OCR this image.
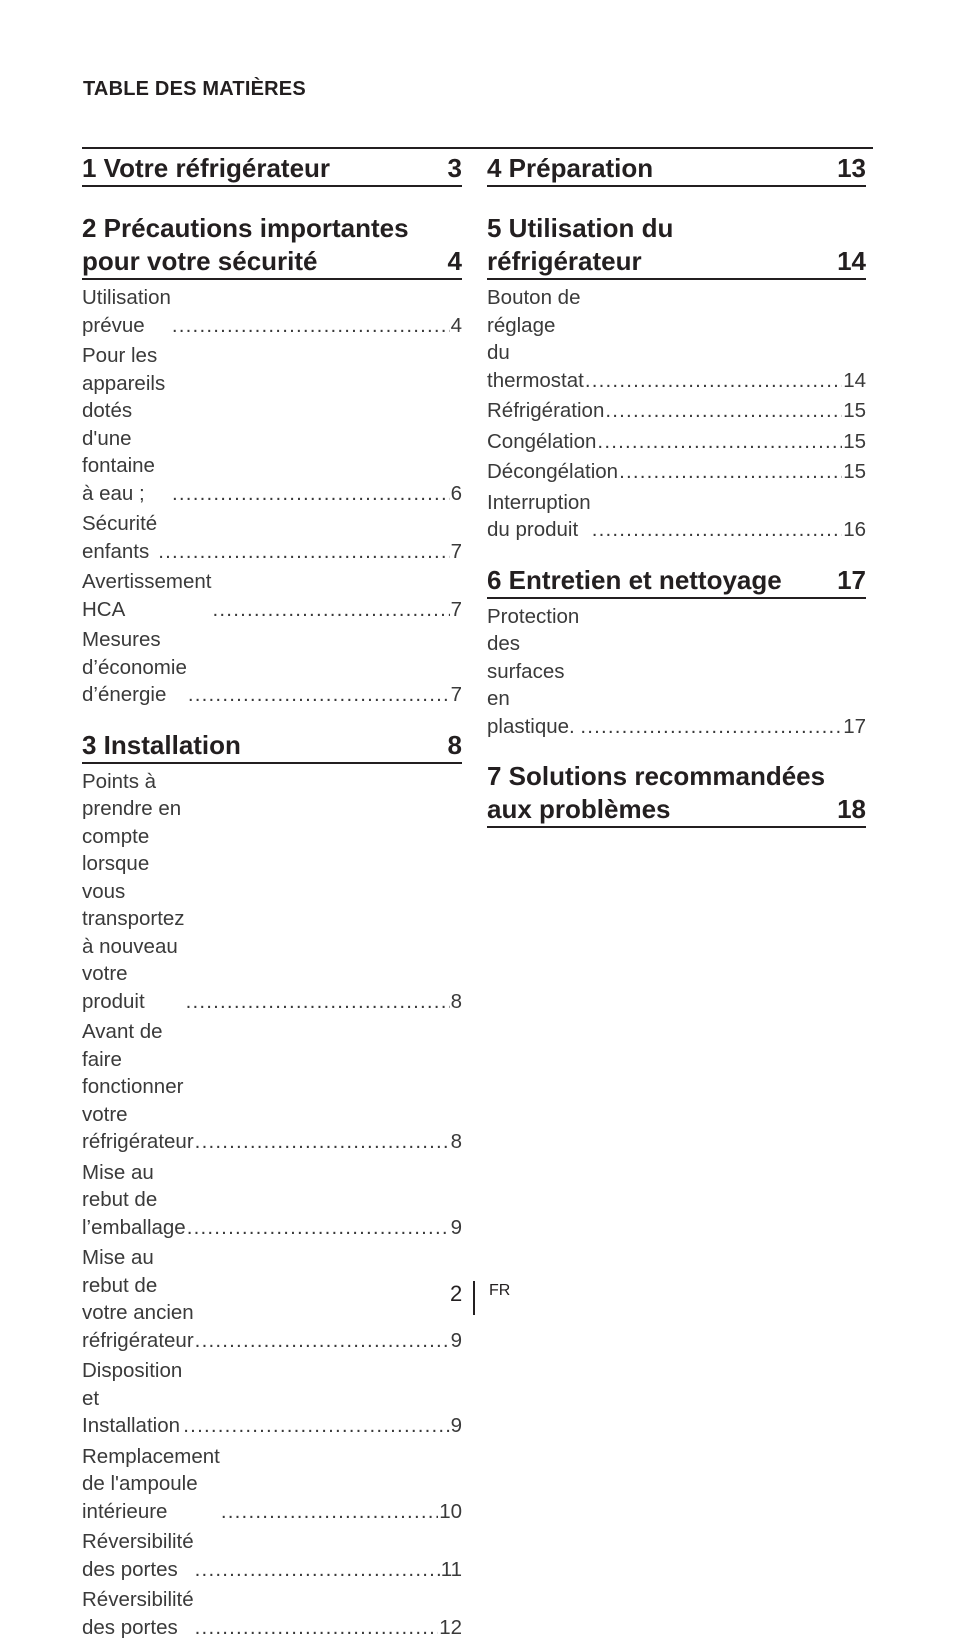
TABLE DES MATIÈRES
1 Votre réfrigérateur	3
2 Précautions importantes
pour votre sécurité	4
Utilisation prévue .....	4
Pour les appareils dotés d'une fontaine
à eau ; .....	6
Sécurité enfants .....	7
Avertissement HCA .....	7
Mesures d’économie d’énergie .....	7
3 Installation	8
Points à prendre en compte lorsque
vous transportez à nouveau votre
produit .....	8
Avant de faire fonctionner votre
réfrigérateur .....	8
Mise au rebut de l’emballage .....	9
Mise au rebut de votre ancien
réfrigérateur .....	9
Disposition et Installation .....	9
Remplacement de l'ampoule
intérieure .....	10
Réversibilité des portes .....	11
Réversibilité des portes .....	12
4 Préparation	13
5 Utilisation du
réfrigérateur	14
Bouton de réglage du thermostat .....	14
Réfrigération .....	15
Congélation .....	15
Décongélation .....	15
Interruption du produit .....	16
6 Entretien et nettoyage 17
Protection des surfaces en
plastique. .....	17
7 Solutions recommandées
aux problèmes	18
2 FR
